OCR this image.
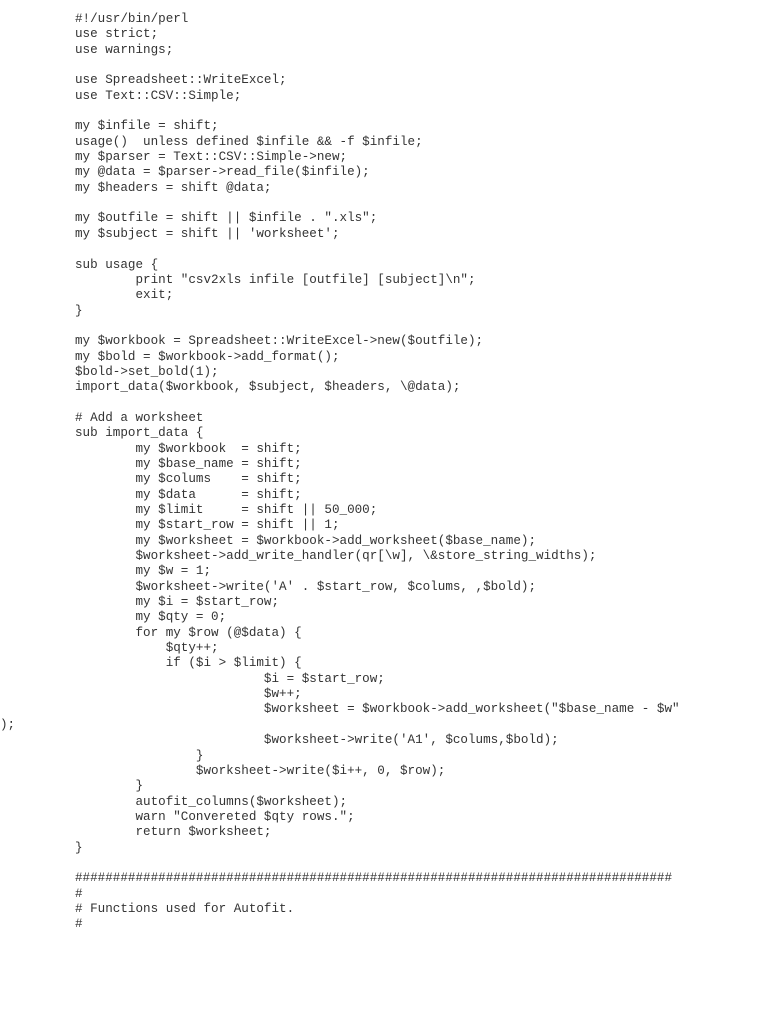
#!/usr/bin/perl
use strict;
use warnings;

use Spreadsheet::WriteExcel;
use Text::CSV::Simple;

my $infile = shift;
usage()  unless defined $infile && -f $infile;
my $parser = Text::CSV::Simple->new;
my @data = $parser->read_file($infile);
my $headers = shift @data;

my $outfile = shift || $infile . ".xls";
my $subject = shift || 'worksheet';

sub usage {
print "csv2xls infile [outfile] [subject]\n";
exit;
}

my $workbook = Spreadsheet::WriteExcel->new($outfile);
my $bold = $workbook->add_format();
$bold->set_bold(1);
import_data($workbook, $subject, $headers, \@data);

# Add a worksheet
sub import_data {
my $workbook  = shift;
my $base_name = shift;
my $colums    = shift;
my $data      = shift;
my $limit     = shift || 50_000;
my $start_row = shift || 1;
my $worksheet = $workbook->add_worksheet($base_name);
$worksheet->add_write_handler(qr[\w], \&store_string_widths);
my $w = 1;
$worksheet->write('A' . $start_row, $colums, ,$bold);
my $i = $start_row;
my $qty = 0;
for my $row (@$data) {
$qty++;
if ($i > $limit) {
$i = $start_row;
$w++;
$worksheet = $workbook->add_worksheet("$base_name - $w"
);
$worksheet->write('A1', $colums,$bold);
}
$worksheet->write($i++, 0, $row);
}
autofit_columns($worksheet);
warn "Convereted $qty rows.";
return $worksheet;
}

###############################################################################
#
# Functions used for Autofit.
#
